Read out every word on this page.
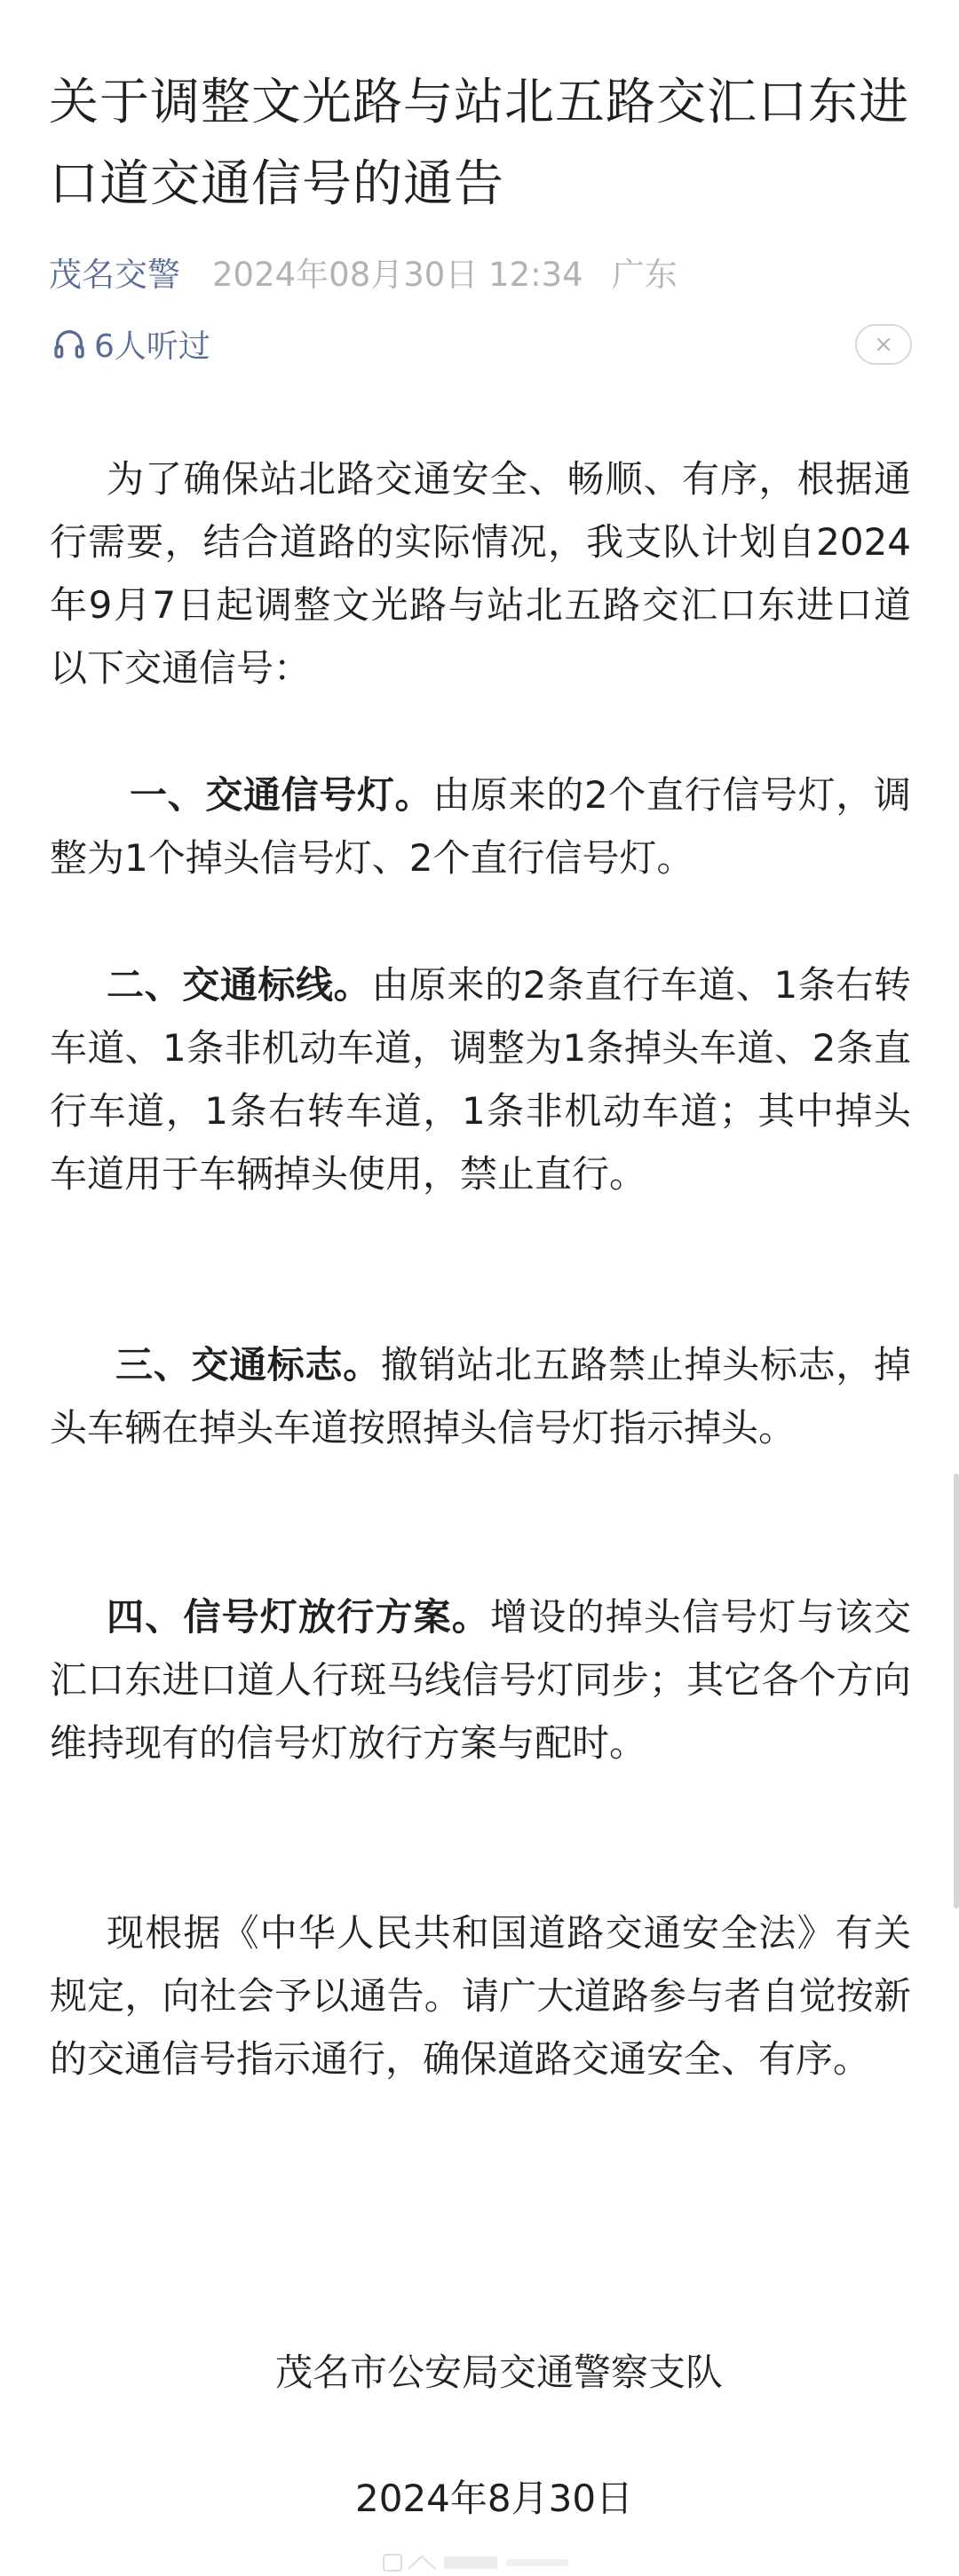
关于调整文光路与站北五路交汇口东进口道交通信号的通告
茂名交警 2024年08月30日 12:34 广东
6人听过

为了确保站北路交通安全、畅顺、有序，根据通行需要，结合道路的实际情况，我支队计划自2024年9月7日起调整文光路与站北五路交汇口东进口道以下交通信号：

一、交通信号灯。由原来的2个直行信号灯，调整为1个掉头信号灯、2个直行信号灯。

二、交通标线。由原来的2条直行车道、1条右转车道、1条非机动车道，调整为1条掉头车道、2条直行车道，1条右转车道，1条非机动车道；其中掉头车道用于车辆掉头使用，禁止直行。

三、交通标志。撤销站北五路禁止掉头标志，掉头车辆在掉头车道按照掉头信号灯指示掉头。

四、信号灯放行方案。增设的掉头信号灯与该交汇口东进口道人行斑马线信号灯同步；其它各个方向维持现有的信号灯放行方案与配时。

现根据《中华人民共和国道路交通安全法》有关规定，向社会予以通告。请广大道路参与者自觉按新的交通信号指示通行，确保道路交通安全、有序。

茂名市公安局交通警察支队

2024年8月30日
